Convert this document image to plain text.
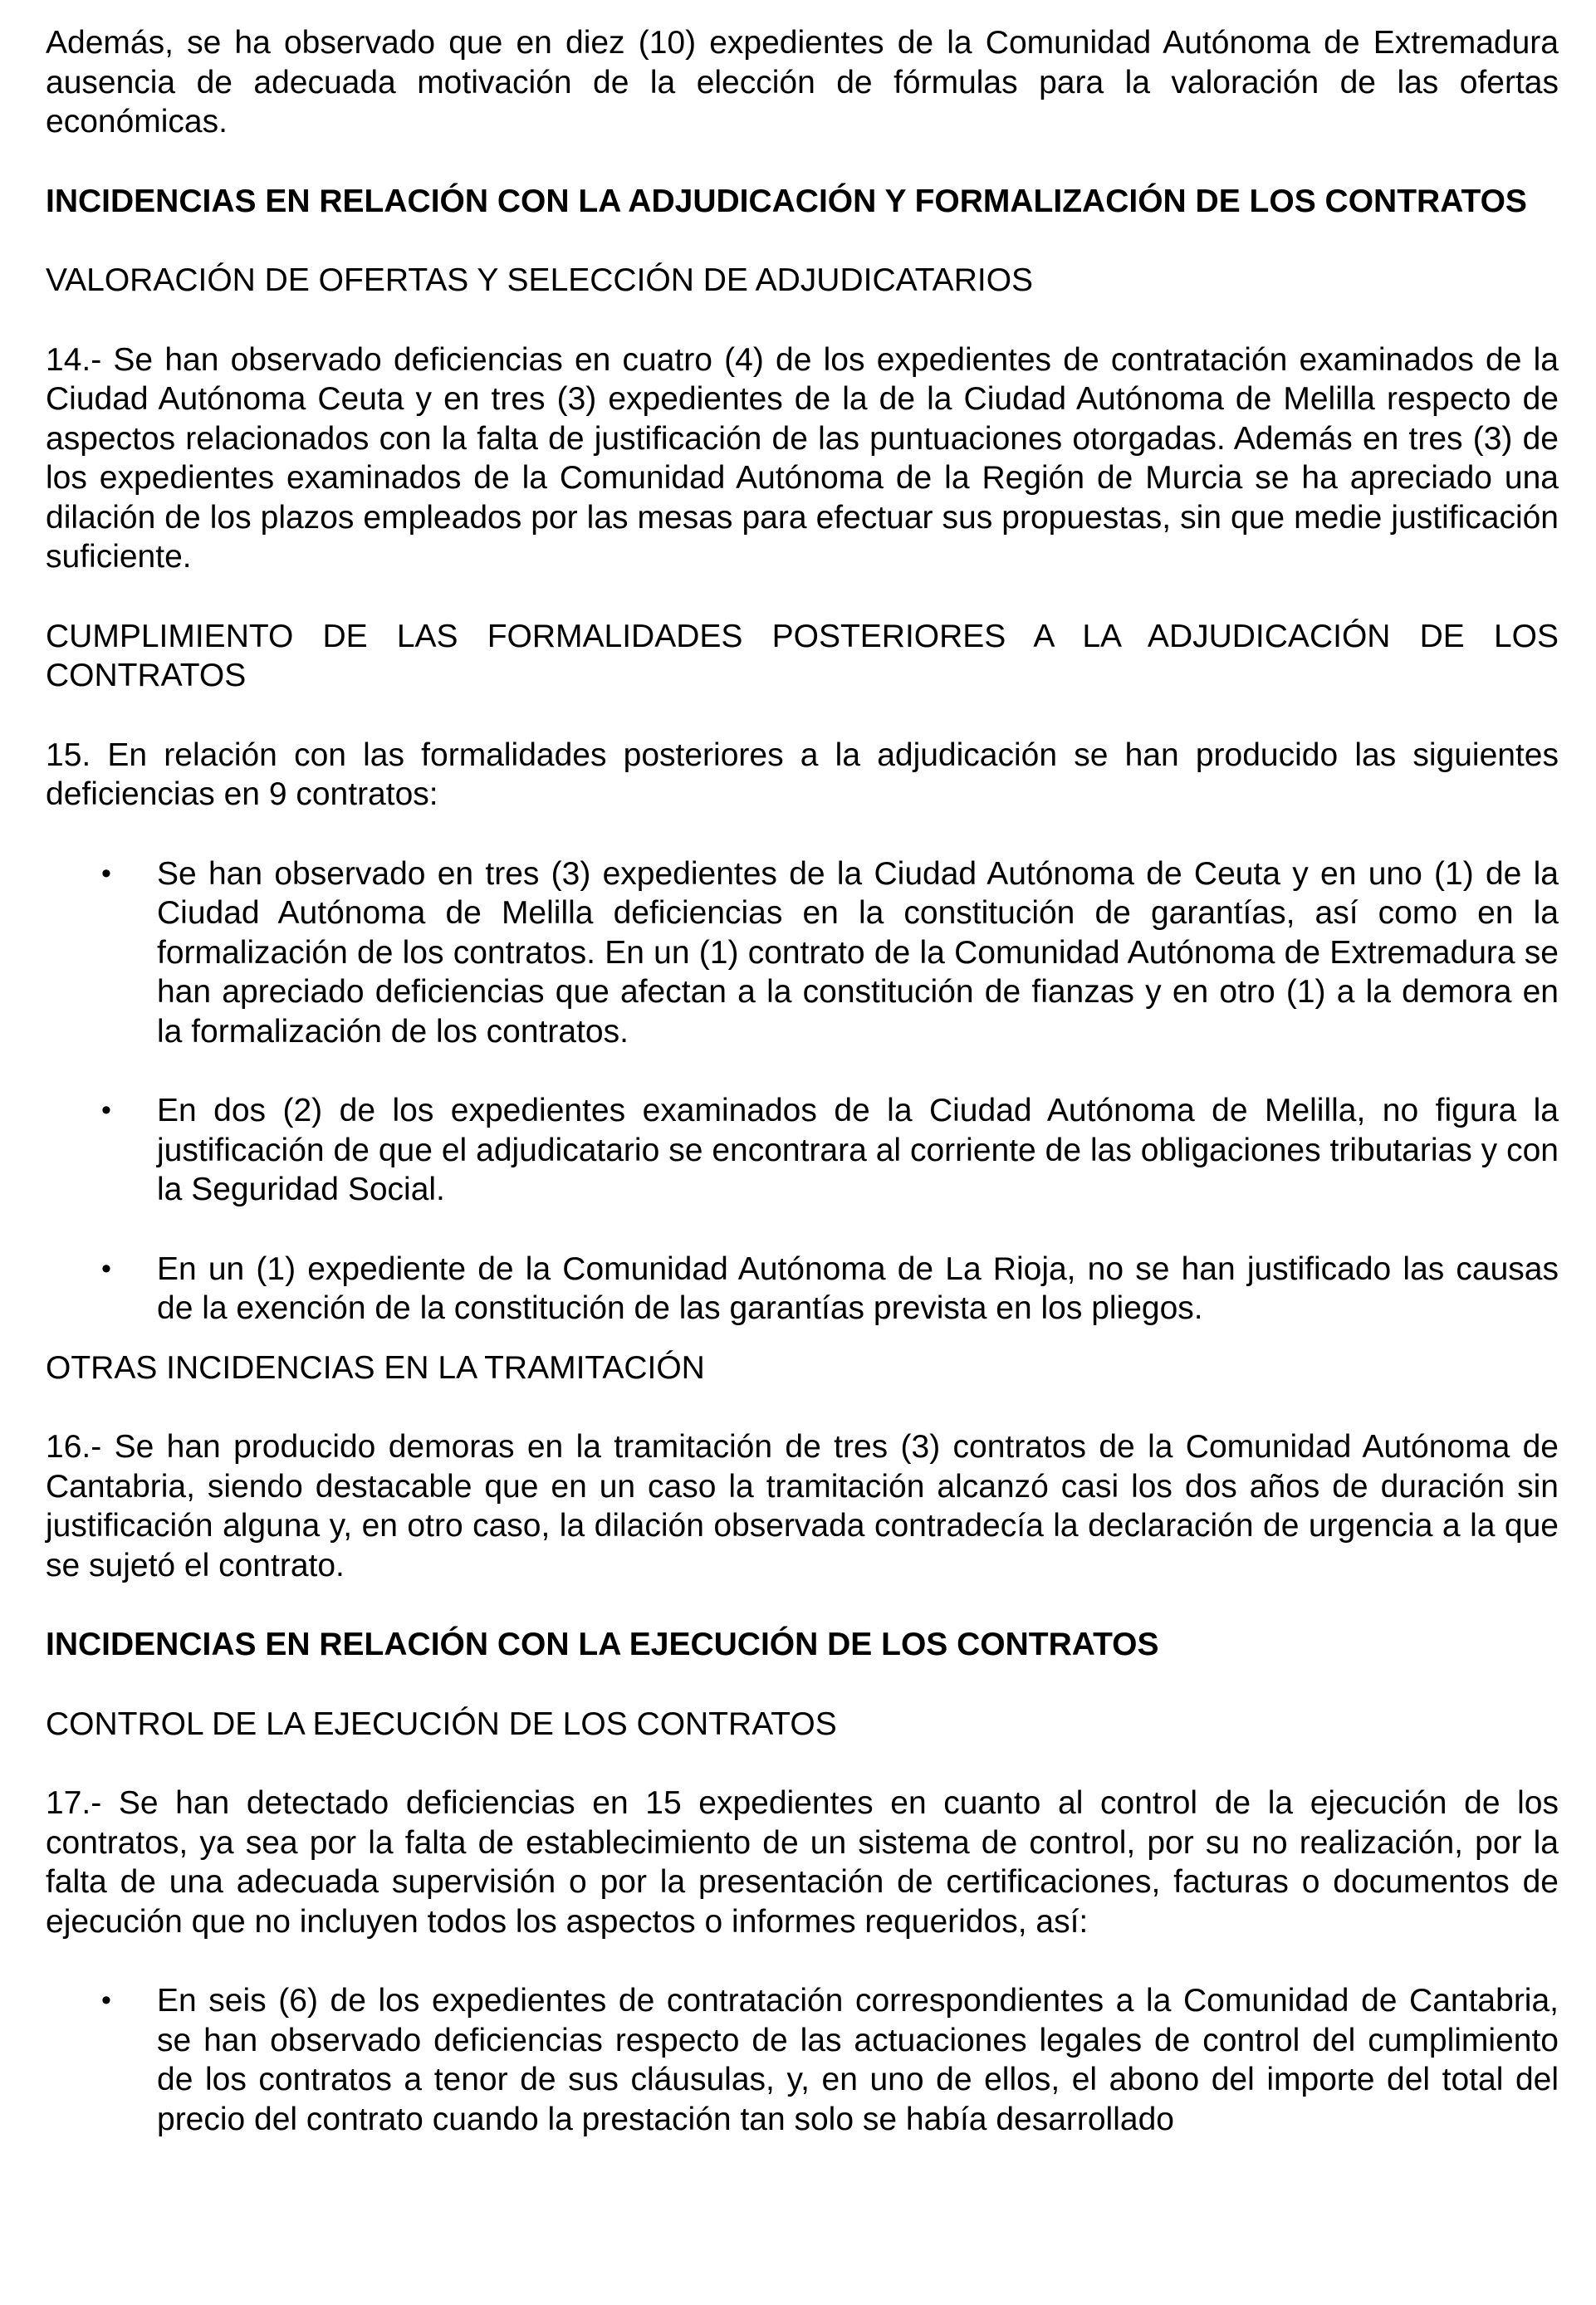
Además, se ha observado que en diez (10) expedientes de la Comunidad Autónoma de Extremadura ausencia de adecuada motivación de la elección de fórmulas para la valoración de las ofertas económicas.

INCIDENCIAS EN RELACIÓN CON LA ADJUDICACIÓN Y FORMALIZACIÓN DE LOS CONTRATOS

VALORACIÓN DE OFERTAS Y SELECCIÓN DE ADJUDICATARIOS

14.- Se han observado deficiencias en cuatro (4) de los expedientes de contratación examinados de la Ciudad Autónoma Ceuta y en tres (3) expedientes de la de la Ciudad Autónoma de Melilla respecto de aspectos relacionados con la falta de justificación de las puntuaciones otorgadas. Además en tres (3) de los expedientes examinados de la Comunidad Autónoma de la Región de Murcia se ha apreciado una dilación de los plazos empleados por las mesas para efectuar sus propuestas, sin que medie justificación suficiente.

CUMPLIMIENTO DE LAS FORMALIDADES POSTERIORES A LA ADJUDICACIÓN DE LOS CONTRATOS

15. En relación con las formalidades posteriores a la adjudicación se han producido las siguientes deficiencias en 9 contratos:

• Se han observado en tres (3) expedientes de la Ciudad Autónoma de Ceuta y en uno (1) de la Ciudad Autónoma de Melilla deficiencias en la constitución de garantías, así como en la formalización de los contratos. En un (1) contrato de la Comunidad Autónoma de Extremadura se han apreciado deficiencias que afectan a la constitución de fianzas y en otro (1) a la demora en la formalización de los contratos.
• En dos (2) de los expedientes examinados de la Ciudad Autónoma de Melilla, no figura la justificación de que el adjudicatario se encontrara al corriente de las obligaciones tributarias y con la Seguridad Social.
• En un (1) expediente de la Comunidad Autónoma de La Rioja, no se han justificado las causas de la exención de la constitución de las garantías prevista en los pliegos.

OTRAS INCIDENCIAS EN LA TRAMITACIÓN

16.- Se han producido demoras en la tramitación de tres (3) contratos de la Comunidad Autónoma de Cantabria, siendo destacable que en un caso la tramitación alcanzó casi los dos años de duración sin justificación alguna y, en otro caso, la dilación observada contradecía la declaración de urgencia a la que se sujetó el contrato.

INCIDENCIAS EN RELACIÓN CON LA EJECUCIÓN DE LOS CONTRATOS

CONTROL DE LA EJECUCIÓN DE LOS CONTRATOS

17.- Se han detectado deficiencias en 15 expedientes en cuanto al control de la ejecución de los contratos, ya sea por la falta de establecimiento de un sistema de control, por su no realización, por la falta de una adecuada supervisión o por la presentación de certificaciones, facturas o documentos de ejecución que no incluyen todos los aspectos o informes requeridos, así:

• En seis (6) de los expedientes de contratación correspondientes a la Comunidad de Cantabria, se han observado deficiencias respecto de las actuaciones legales de control del cumplimiento de los contratos a tenor de sus cláusulas, y, en uno de ellos, el abono del importe del total del precio del contrato cuando la prestación tan solo se había desarrollado
